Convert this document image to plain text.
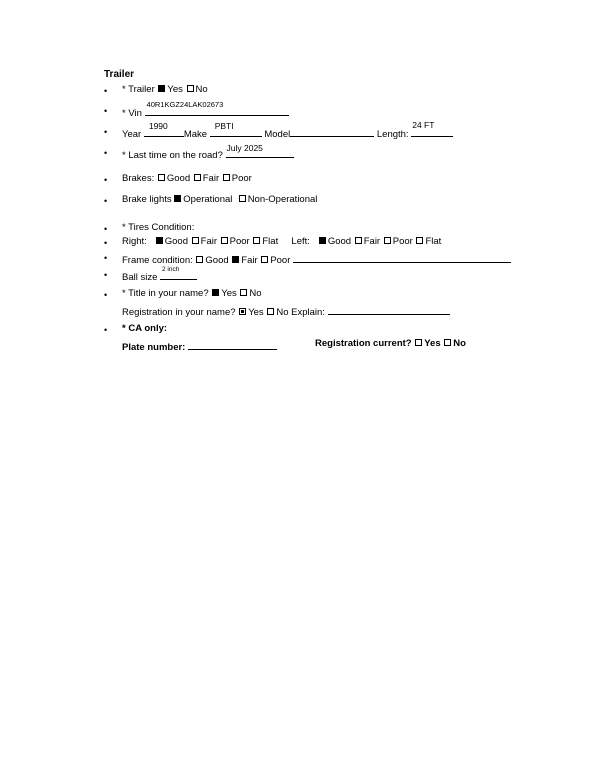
Trailer
• * Trailer Yes No
• * Vin
40R1KGZ24LAK02673
• Year
1990
Make
PBTI
Model	Length:
24 FT
• * Last time on the road?
July 2025
• Brakes: Good Fair Poor
• Brake lights Operational Non-Operational
• * Tires Condition:
• Right: Good Fair Poor Flat Left: Good Fair Poor Flat
• Frame condition: Good Fair Poor
• Ball size
2 inch
• * Title in your name? Yes No
Registration in your name? Yes No Explain:
• * CA only:
Plate number:	Registration current? Yes No
